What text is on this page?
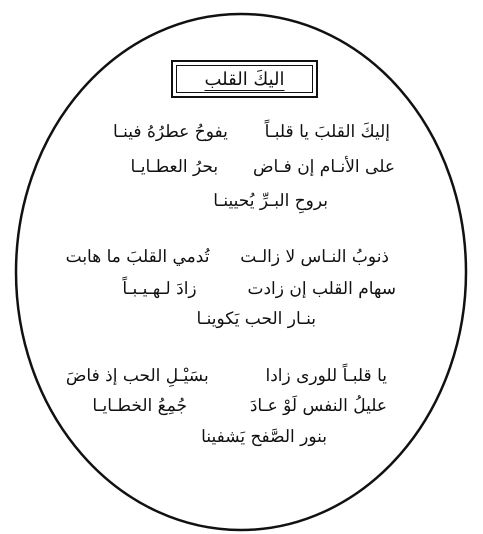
اليكَ القلب
إليكَ القلبَ يا قلبـاً  يفوحُ عطرُهُ فينـا
على الأنـام إن فـاض  بحرُ العطـايـا
بروحِ البـرِّ يُحيينـا
ذنوبُ النـاس لا زالـت  تُدمي القلبَ ما هابت
سهام القلب إن زادت  زادَ لـهـيـبـاً
بنـار الحب يَكوينـا
يا قلبـاً للورى زادا  بسَيْـلِ الحب إذ فاضَ
عليلُ النفس لَوْ عـادَ  جُمِعُ الخطـايـا
بنور الصَّفح يَشفينا
